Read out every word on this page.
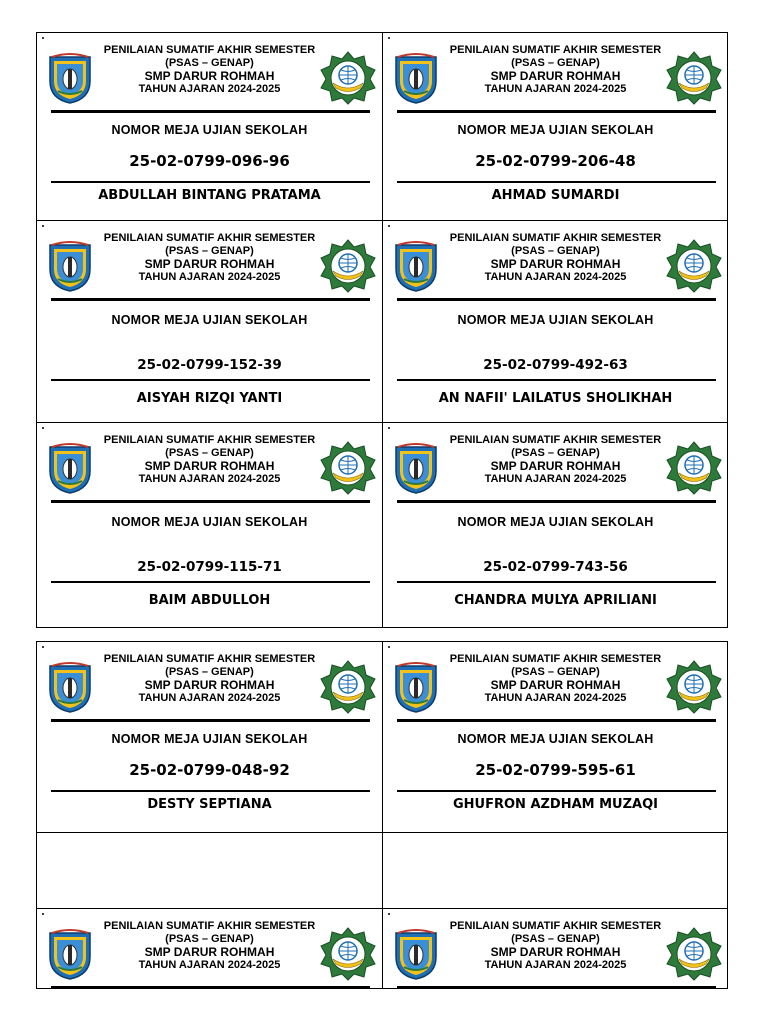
PENILAIAN SUMATIF AKHIR SEMESTER
(PSAS – GENAP)
SMP DARUR ROHMAH
TAHUN AJARAN 2024-2025
NOMOR MEJA UJIAN SEKOLAH
25-02-0799-096-96
ABDULLAH BINTANG PRATAMA
PENILAIAN SUMATIF AKHIR SEMESTER
(PSAS – GENAP)
SMP DARUR ROHMAH
TAHUN AJARAN 2024-2025
NOMOR MEJA UJIAN SEKOLAH
25-02-0799-206-48
AHMAD SUMARDI
PENILAIAN SUMATIF AKHIR SEMESTER
(PSAS – GENAP)
SMP DARUR ROHMAH
TAHUN AJARAN 2024-2025
NOMOR MEJA UJIAN SEKOLAH
25-02-0799-152-39
AISYAH RIZQI YANTI
PENILAIAN SUMATIF AKHIR SEMESTER
(PSAS – GENAP)
SMP DARUR ROHMAH
TAHUN AJARAN 2024-2025
NOMOR MEJA UJIAN SEKOLAH
25-02-0799-492-63
AN NAFII' LAILATUS SHOLIKHAH
PENILAIAN SUMATIF AKHIR SEMESTER
(PSAS – GENAP)
SMP DARUR ROHMAH
TAHUN AJARAN 2024-2025
NOMOR MEJA UJIAN SEKOLAH
25-02-0799-115-71
BAIM ABDULLOH
PENILAIAN SUMATIF AKHIR SEMESTER
(PSAS – GENAP)
SMP DARUR ROHMAH
TAHUN AJARAN 2024-2025
NOMOR MEJA UJIAN SEKOLAH
25-02-0799-743-56
CHANDRA MULYA APRILIANI
PENILAIAN SUMATIF AKHIR SEMESTER
(PSAS – GENAP)
SMP DARUR ROHMAH
TAHUN AJARAN 2024-2025
NOMOR MEJA UJIAN SEKOLAH
25-02-0799-048-92
DESTY SEPTIANA
PENILAIAN SUMATIF AKHIR SEMESTER
(PSAS – GENAP)
SMP DARUR ROHMAH
TAHUN AJARAN 2024-2025
NOMOR MEJA UJIAN SEKOLAH
25-02-0799-595-61
GHUFRON AZDHAM MUZAQI
PENILAIAN SUMATIF AKHIR SEMESTER
(PSAS – GENAP)
SMP DARUR ROHMAH
TAHUN AJARAN 2024-2025
PENILAIAN SUMATIF AKHIR SEMESTER
(PSAS – GENAP)
SMP DARUR ROHMAH
TAHUN AJARAN 2024-2025
